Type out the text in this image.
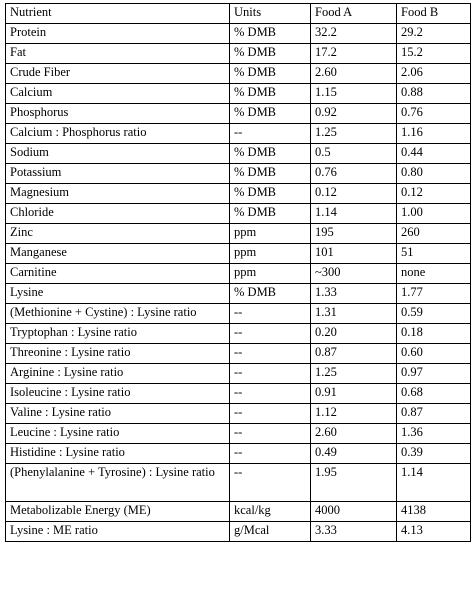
Nutrient	Units	Food A	Food B
Protein	% DMB	32.2	29.2
Fat	% DMB	17.2	15.2
Crude Fiber	% DMB	2.60	2.06
Calcium	% DMB	1.15	0.88
Phosphorus	% DMB	0.92	0.76
Calcium : Phosphorus ratio	--	1.25	1.16
Sodium	% DMB	0.5	0.44
Potassium	% DMB	0.76	0.80
Magnesium	% DMB	0.12	0.12
Chloride	% DMB	1.14	1.00
Zinc	ppm	195	260
Manganese	ppm	101	51
Carnitine	ppm	~300	none
Lysine	% DMB	1.33	1.77
(Methionine + Cystine) : Lysine ratio	--	1.31	0.59
Tryptophan : Lysine ratio	--	0.20	0.18
Threonine : Lysine ratio	--	0.87	0.60
Arginine : Lysine ratio	--	1.25	0.97
Isoleucine : Lysine ratio	--	0.91	0.68
Valine : Lysine ratio	--	1.12	0.87
Leucine : Lysine ratio	--	2.60	1.36
Histidine : Lysine ratio	--	0.49	0.39
(Phenylalanine + Tyrosine) : Lysine ratio	--	1.95	1.14
Metabolizable Energy (ME)	kcal/kg	4000	4138
Lysine : ME ratio	g/Mcal	3.33	4.13
